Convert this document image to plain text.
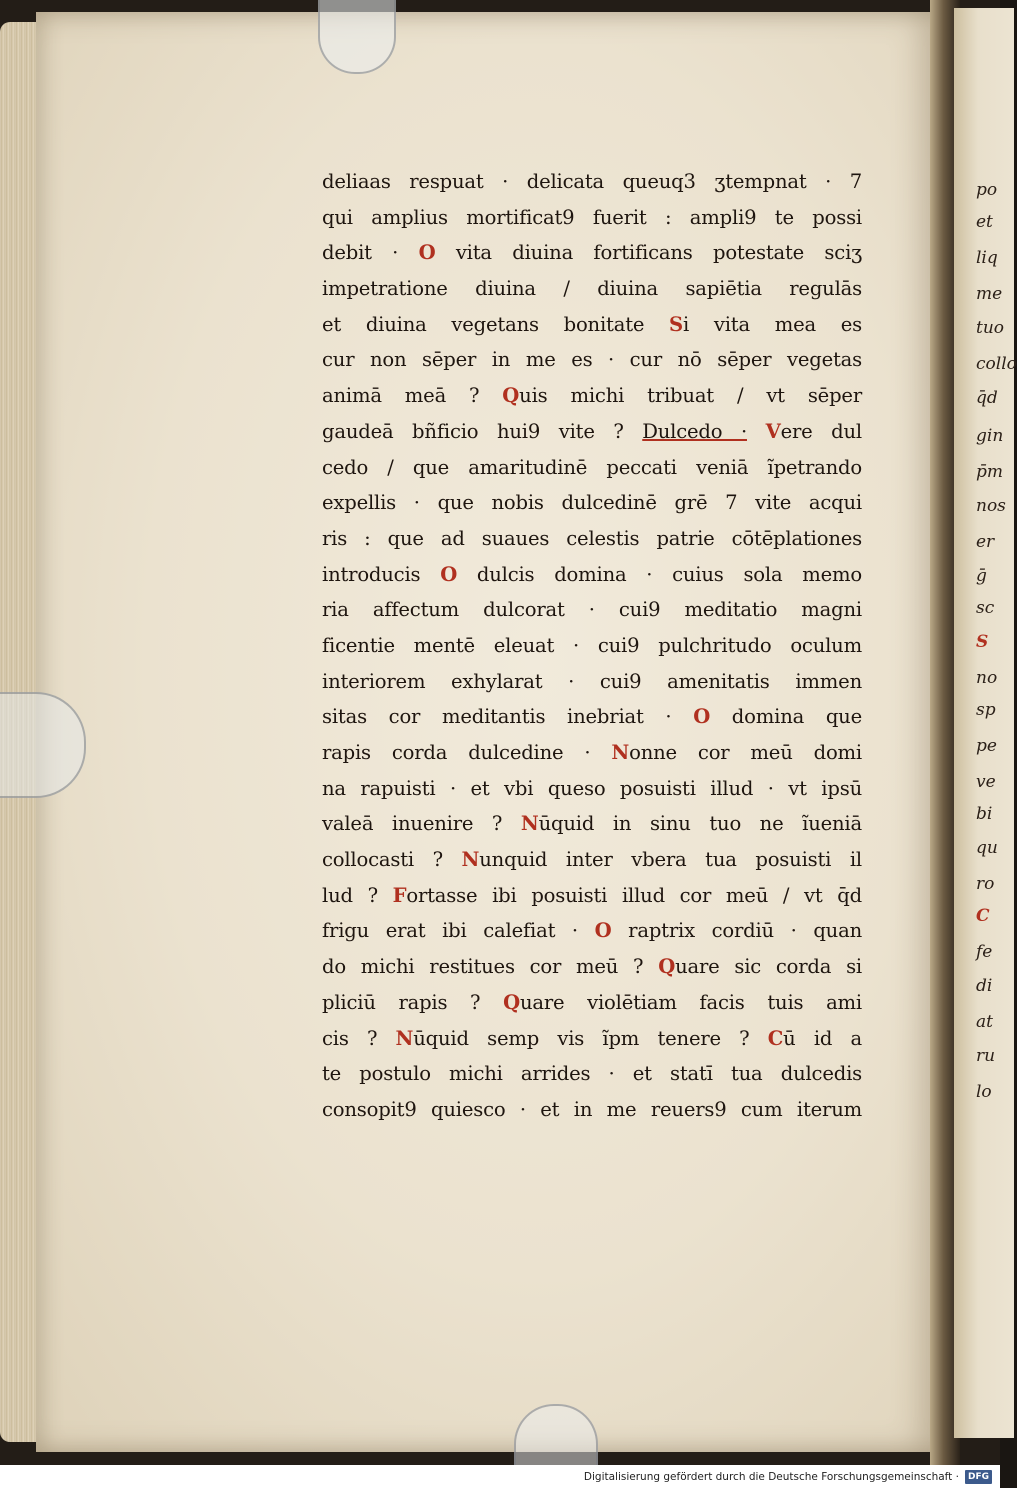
po
et
liq
me
tuo
collo
q̄d
gin
p̄m
nos
er
ḡ
sc
S
no
sp
pe
ve
bi
qu
ro
C
fe
di
at
ru
lo
deliaas respuat · delicata queuq3 ʒtempnat · 7
qui amplius mortificat9 fuerit : ampli9 te possi
debit · O vita diuina fortificans potestate sciʒ
impetratione diuina / diuina sapiētia regulās
et diuina vegetans bonitate Si vita mea es
cur non sēper in me es · cur nō sēper vegetas
animā meā ? Quis michi tribuat / vt sēper
gaudeā bñficio hui9 vite ? Dulcedo · Vere dul
cedo / que amaritudinē peccati veniā ĩpetrando
expellis · que nobis dulcedinē grē 7 vite acqui
ris : que ad suaues celestis patrie cōtēplationes
introducis O dulcis domina · cuius sola memo
ria affectum dulcorat · cui9 meditatio magni
ficentie mentē eleuat · cui9 pulchritudo oculum
interiorem exhylarat · cui9 amenitatis immen
sitas cor meditantis inebriat · O domina que
rapis corda dulcedine · Nonne cor meū domi
na rapuisti · et vbi queso posuisti illud · vt ipsū
valeā inuenire ? Nūquid in sinu tuo ne ĩueniā
collocasti ? Nunquid inter vbera tua posuisti il
lud ? Fortasse ibi posuisti illud cor meū / vt q̄d
frigu erat ibi calefiat · O raptrix cordiū · quan
do michi restitues cor meū ? Quare sic corda si
pliciū rapis ? Quare violētiam facis tuis ami
cis ? Nūquid semp vis ĩpm tenere ? Cū id a
te postulo michi arrides · et statī tua dulcedis
consopit9 quiesco · et in me reuers9 cum iterum
Digitalisierung gefördert durch die Deutsche Forschungsgemeinschaft ·	DFG
